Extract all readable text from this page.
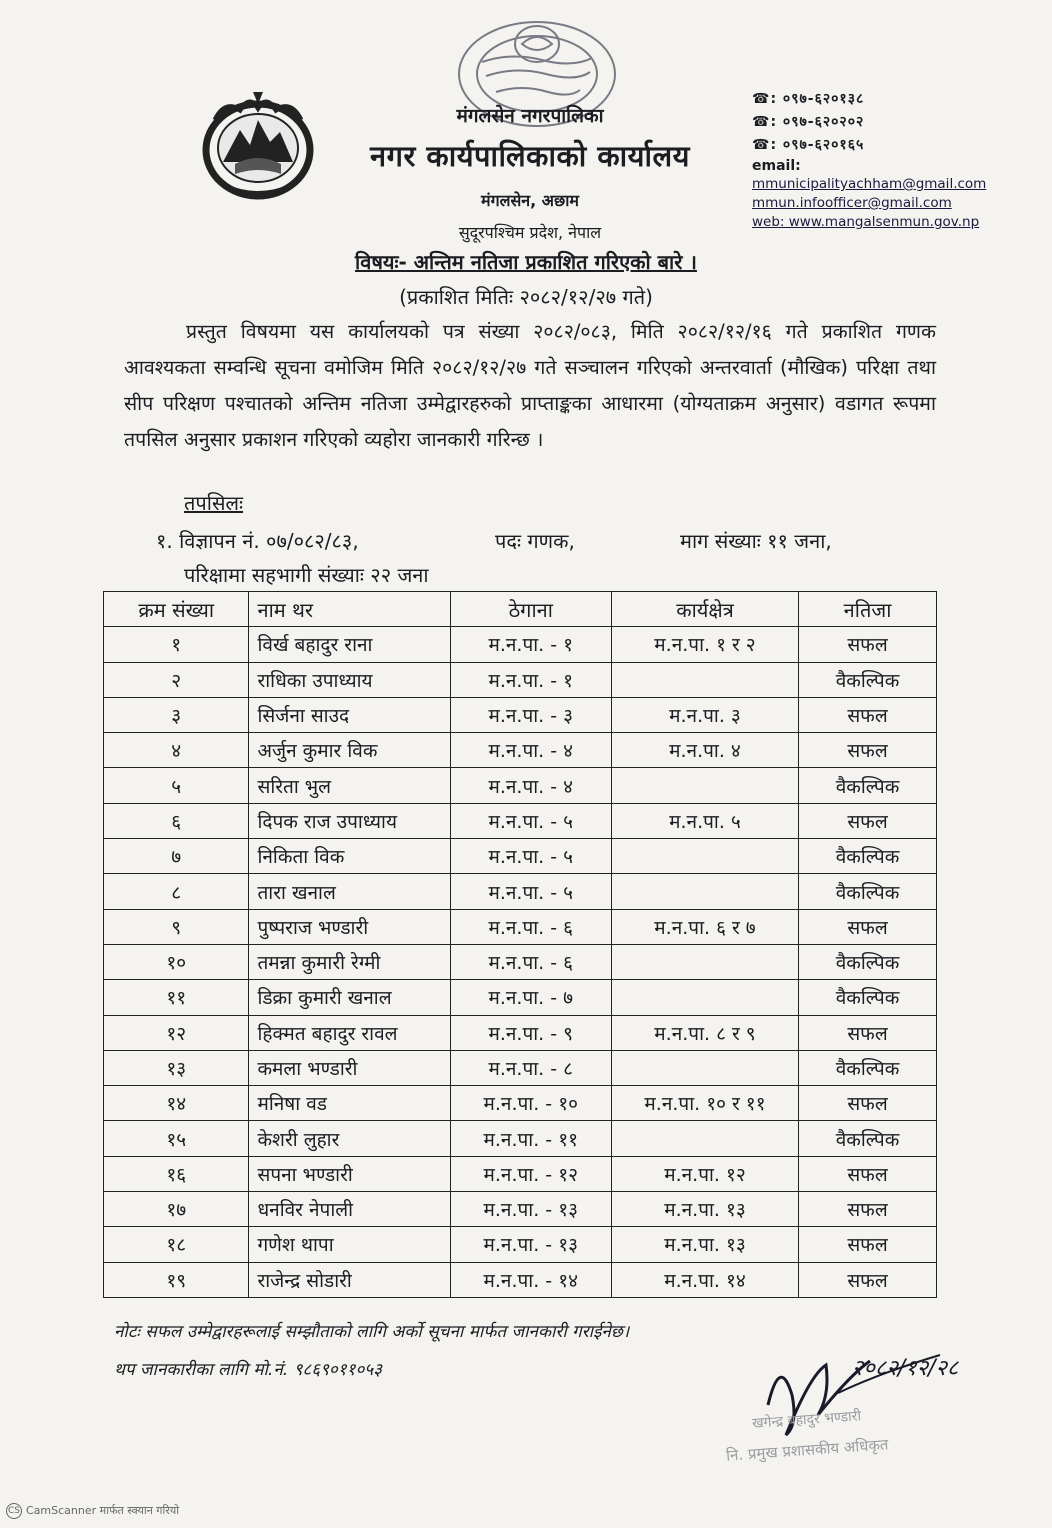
मंगलसेन नगरपालिका
नगर कार्यपालिकाको कार्यालय
मंगलसेन, अछाम
सुदूरपश्चिम प्रदेश, नेपाल
☎: ०९७-६२०१३८
☎: ०९७-६२०२०२
☎: ०९७-६२०१६५
email:
mmunicipalityachham@gmail.com
mmun.infoofficer@gmail.com
web: www.mangalsenmun.gov.np
विषयः- अन्तिम नतिजा प्रकाशित गरिएको बारे ।
(प्रकाशित मितिः २०८२/१२/२७ गते)
प्रस्तुत विषयमा यस कार्यालयको पत्र संख्या २०८२/०८३, मिति २०८२/१२/१६ गते प्रकाशित गणक आवश्यकता सम्वन्धि सूचना वमोजिम मिति २०८२/१२/२७ गते सञ्चालन गरिएको अन्तरवार्ता (मौखिक) परिक्षा तथा सीप परिक्षण पश्चातको अन्तिम नतिजा उम्मेद्वारहरुको प्राप्ताङ्कका आधारमा (योग्यताक्रम अनुसार) वडागत रूपमा तपसिल अनुसार प्रकाशन गरिएको व्यहोरा जानकारी गरिन्छ ।
तपसिलः
१. विज्ञापन नं. ०७/०८२/८३,	पदः गणक,	माग संख्याः ११ जना,
परिक्षामा सहभागी संख्याः २२ जना
क्रम संख्या	नाम थर	ठेगाना	कार्यक्षेत्र	नतिजा
१	विर्ख बहादुर राना	म.न.पा. - १	म.न.पा. १ र २	सफल
२	राधिका उपाध्याय	म.न.पा. - १		वैकल्पिक
३	सिर्जना साउद	म.न.पा. - ३	म.न.पा. ३	सफल
४	अर्जुन कुमार विक	म.न.पा. - ४	म.न.पा. ४	सफल
५	सरिता भुल	म.न.पा. - ४		वैकल्पिक
६	दिपक राज उपाध्याय	म.न.पा. - ५	म.न.पा. ५	सफल
७	निकिता विक	म.न.पा. - ५		वैकल्पिक
८	तारा खनाल	म.न.पा. - ५		वैकल्पिक
९	पुष्पराज भण्डारी	म.न.पा. - ६	म.न.पा. ६ र ७	सफल
१०	तमन्ना कुमारी रेग्मी	म.न.पा. - ६		वैकल्पिक
११	डिक्रा कुमारी खनाल	म.न.पा. - ७		वैकल्पिक
१२	हिक्मत बहादुर रावल	म.न.पा. - ९	म.न.पा. ८ र ९	सफल
१३	कमला भण्डारी	म.न.पा. - ८		वैकल्पिक
१४	मनिषा वड	म.न.पा. - १०	म.न.पा. १० र ११	सफल
१५	केशरी लुहार	म.न.पा. - ११		वैकल्पिक
१६	सपना भण्डारी	म.न.पा. - १२	म.न.पा. १२	सफल
१७	धनविर नेपाली	म.न.पा. - १३	म.न.पा. १३	सफल
१८	गणेश थापा	म.न.पा. - १३	म.न.पा. १३	सफल
१९	राजेन्द्र सोडारी	म.न.पा. - १४	म.न.पा. १४	सफल
नोटः सफल उम्मेद्वारहरूलाई सम्झौताको लागि अर्को सूचना मार्फत जानकारी गराईनेछ।
थप जानकारीका लागि मो.नं. ९८६९०११०५३	२०८२/१२/२८
खगेन्द्र बहादुर भण्डारी
नि. प्रमुख प्रशासकीय अधिकृत
CS CamScanner मार्फत स्क्यान गरियो
